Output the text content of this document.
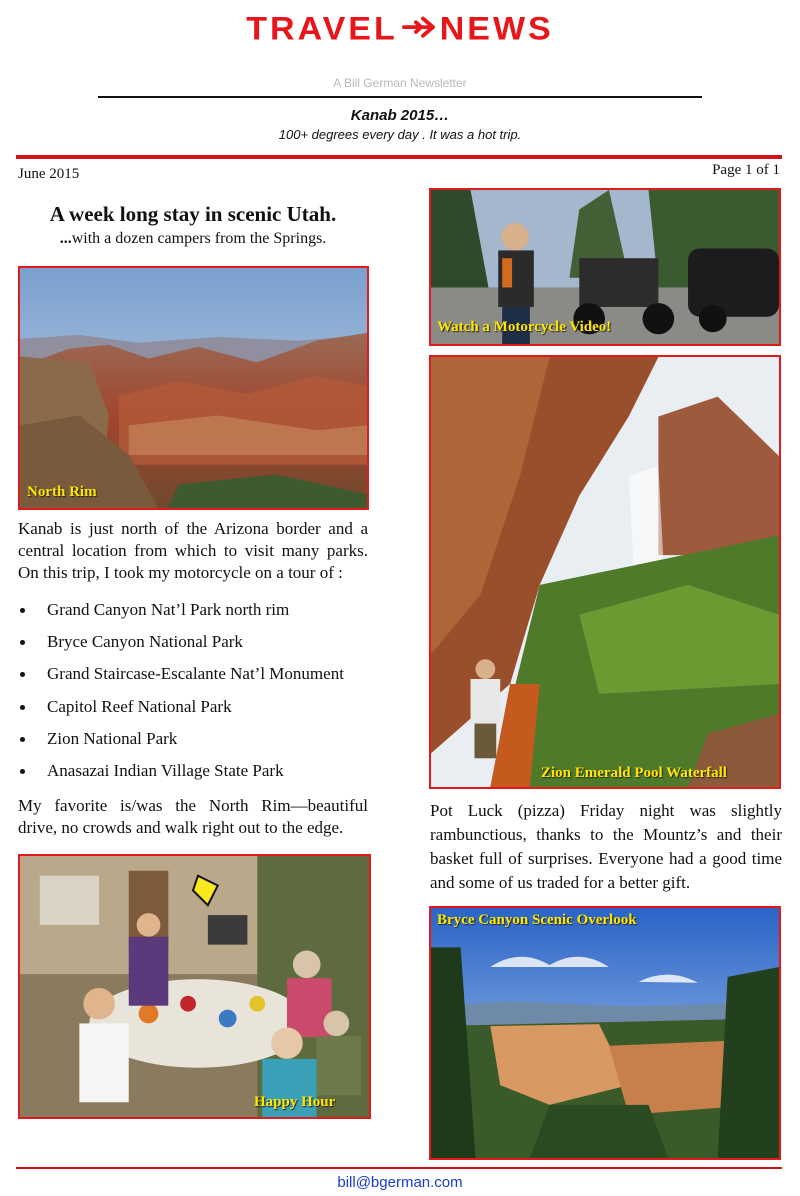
TRAVEL NEWS
A Bill German Newsletter
Kanab 2015…
100+ degrees every day . It was a hot trip.
June 2015	Page 1 of 1
A week long stay in scenic Utah.
...with a dozen campers from the Springs.
North Rim
Kanab is just north of the Arizona border and a central location from which to visit many parks. On this trip, I took my motorcycle on a tour of :
Grand Canyon Nat’l Park north rim
Bryce Canyon National Park
Grand Staircase-Escalante Nat’l Monument
Capitol Reef National Park
Zion National Park
Anasazai Indian Village State Park
My favorite is/was the North Rim—beautiful drive, no crowds and walk right out to the edge.
Happy Hour
Watch a Motorcycle Video!
Zion Emerald Pool Waterfall
Pot Luck (pizza) Friday night was slightly rambunctious, thanks to the Mountz’s and their basket full of surprises. Everyone had a good time and some of us traded for a better gift.
Bryce Canyon Scenic Overlook
bill@bgerman.com
